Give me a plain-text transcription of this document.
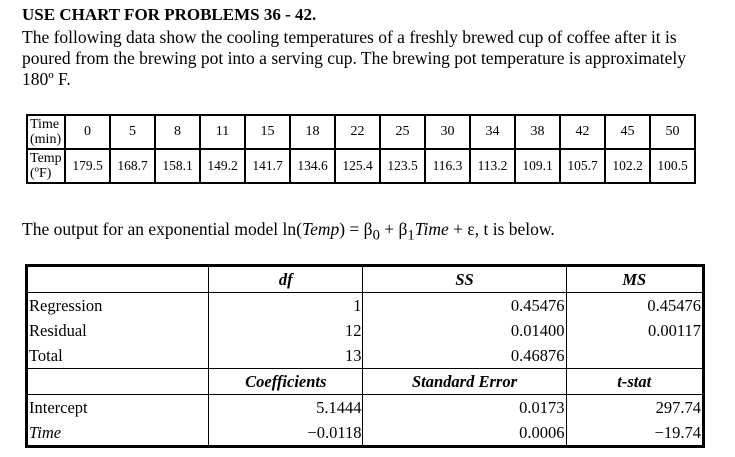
USE CHART FOR PROBLEMS 36 - 42.
The following data show the cooling temperatures of a freshly brewed cup of coffee after it is poured from the brewing pot into a serving cup. The brewing pot temperature is approximately 180º F.
Time
(min)	0	5	8	11	15	18	22	25	30	34	38	42	45	50
Temp
(ºF)	179.5	168.7	158.1	149.2	141.7	134.6	125.4	123.5	116.3	113.2	109.1	105.7	102.2	100.5
The output for an exponential model ln(Temp) = $\beta_0$ + $\beta_1Time + \varepsilon$, t is below.
	df	SS	MS
Regression	1	0.45476	0.45476
Residual	12	0.01400	0.00117
Total	13	0.46876	
	Coefficients	Standard Error	t-stat
Intercept	5.1444	0.0173	297.74
Time	−0.0118	0.0006	−19.74
